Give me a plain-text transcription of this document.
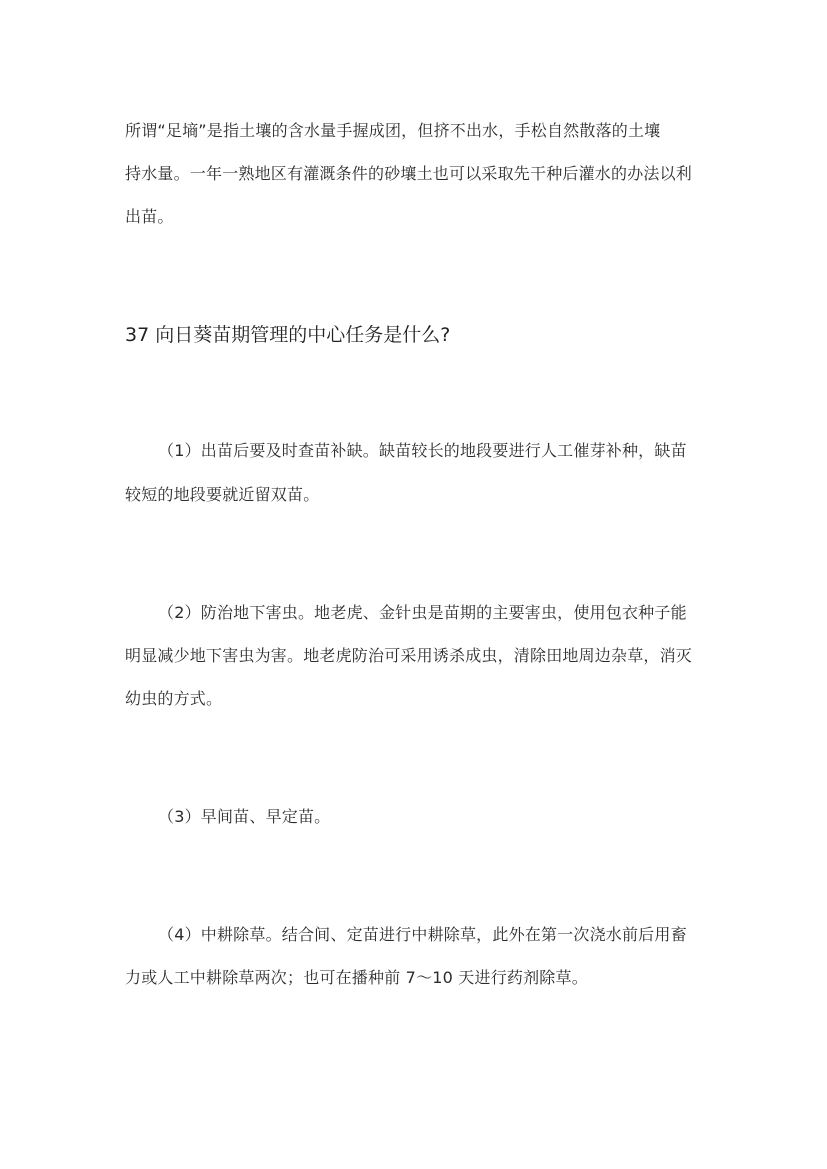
所谓“足墒”是指土壤的含水量手握成团，但挤不出水，手松自然散落的土壤
持水量。一年一熟地区有灌溉条件的砂壤土也可以采取先干种后灌水的办法以利
出苗。
37 向日葵苗期管理的中心任务是什么?
（1）出苗后要及时查苗补缺。缺苗较长的地段要进行人工催芽补种，缺苗
较短的地段要就近留双苗。
（2）防治地下害虫。地老虎、金针虫是苗期的主要害虫，使用包衣种子能
明显减少地下害虫为害。地老虎防治可采用诱杀成虫，清除田地周边杂草，消灭
幼虫的方式。
（3）早间苗、早定苗。
（4）中耕除草。结合间、定苗进行中耕除草，此外在第一次浇水前后用畜
力或人工中耕除草两次；也可在播种前 7～10 天进行药剂除草。
